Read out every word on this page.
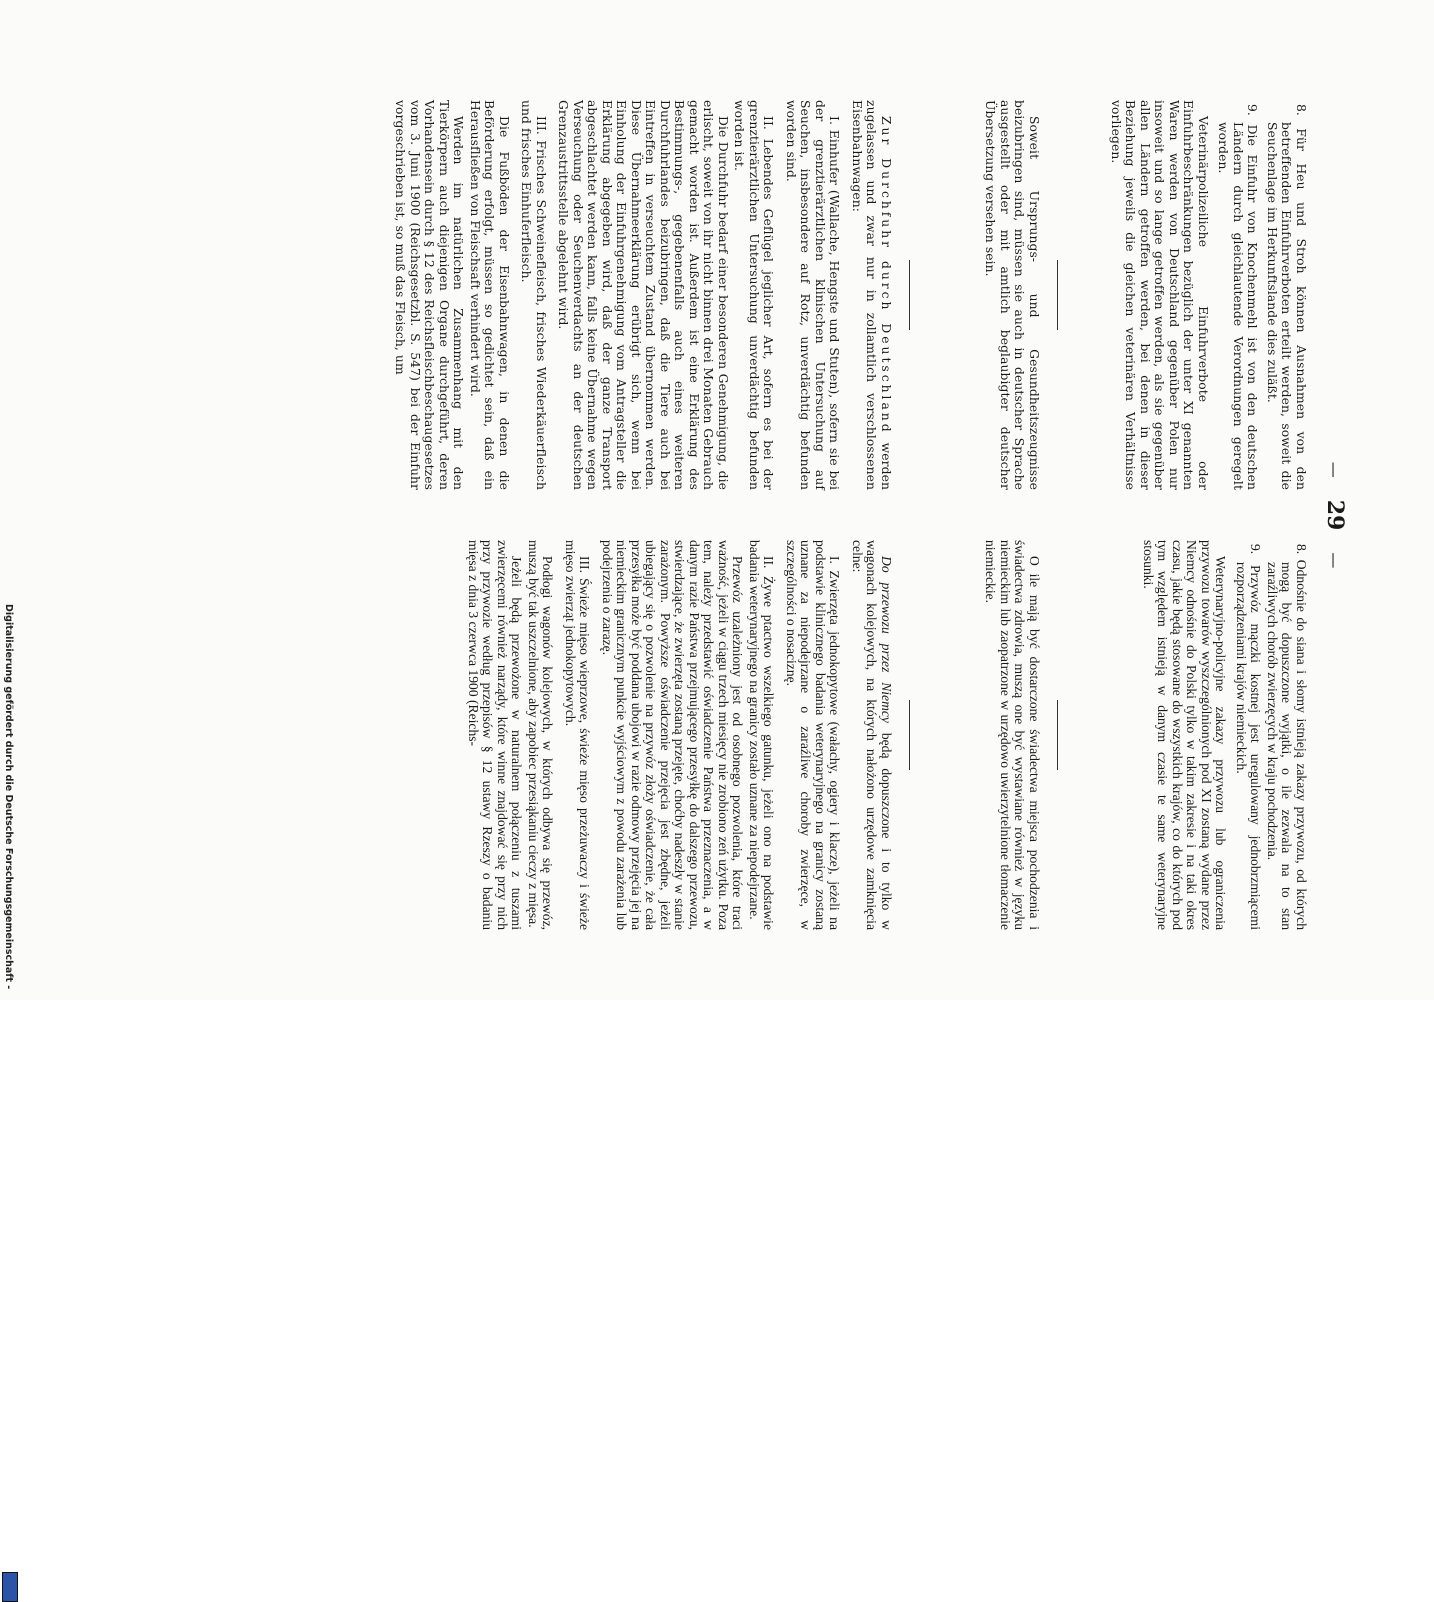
—
29
—

8. Für Heu und Stroh können Ausnahmen von den betreffenden Einfuhrverboten erteilt werden, soweit die Seuchenlage im Herkunftslande dies zuläßt.

9. Die Einfuhr von Knochenmehl ist von den deutschen Ländern durch gleichlautende Verordnungen geregelt worden.

Veterinärpolizeiliche Einfuhrverbote oder Einfuhrbeschränkungen bezüglich der unter XI genannten Waren werden von Deutschland gegenüber Polen nur insoweit und so lange getroffen werden, als sie gegenüber allen Ländern getroffen werden, bei denen in dieser Beziehung jeweils die gleichen veterinären Verhältnisse vorliegen.

8. Odnośnie do siana i słomy istnieją zakazy przywozu, od których mogą być dopuszczone wyjątki, o ile zezwala na to stan zaraźliwych chorób zwierzęcych w kraju pochodzenia.

9. Przywóz mączki kostnej jest uregulowany jednobrzmiącemi rozporządzeniami krajów niemieckich.

Weterynaryjno-policyjne zakazy przywozu lub ograniczenia przywozu towarów wyszczególnionych pod XI zostaną wydane przez Niemcy odnośnie do Polski tylko w takim zakresie i na taki okres czasu, jakie będą stosowane do wszystkich krajów, co do których pod tym względem istnieją w danym czasie te same weterynaryjne stosunki.

Soweit Ursprungs- und Gesundheitszeugnisse beizubringen sind, müssen sie auch in deutscher Sprache ausgestellt oder mit amtlich beglaubigter deutscher Übersetzung versehen sein.

O ile mają być dostarczone świadectwa miejsca pochodzenia i świadectwa zdrowia, muszą one być wystawiane również w języku niemieckim lub zaopatrzone w urzędowo uwierzytelnione tłomaczenie niemieckie.

Zur Durchfuhr durch Deutschland werden zugelassen und zwar nur in zollamtlich verschlossenen Eisenbahnwagen:

I. Einhufer (Wallache, Hengste und Stuten), sofern sie bei der grenztierärztlichen klinischen Untersuchung auf Seuchen, insbesondere auf Rotz, unverdächtig befunden worden sind.

II. Lebendes Geflügel jeglicher Art, sofern es bei der grenztierärztlichen Untersuchung unverdächtig befunden worden ist.

Die Durchfuhr bedarf einer besonderen Genehmigung, die erlischt, soweit von ihr nicht binnen drei Monaten Gebrauch gemacht worden ist. Außerdem ist eine Erklärung des Bestimmungs-, gegebenenfalls auch eines weiteren Durchfuhrlandes beizubringen, daß die Tiere auch bei Eintreffen in verseuchtem Zustand übernommen werden. Diese Übernahmeerklärung erübrigt sich, wenn bei Einholung der Einfuhrgenehmigung vom Antragsteller die Erklärung abgegeben wird, daß der ganze Transport abgeschlachtet werden kann, falls keine Übernahme wegen Verseuchung oder Seuchenverdachts an der deutschen Grenzaustrittsstelle abgelehnt wird.

III. Frisches Schweinefleisch, frisches Wiederkäuerfleisch und frisches Einhuferfleisch.

Die Fußböden der Eisenbahnwagen, in denen die Beförderung erfolgt, müssen so gedichtet sein, daß ein Herausfließen von Fleischsaft verhindert wird.

Werden im natürlichen Zusammenhang mit den Tierkörpern auch diejenigen Organe durchgeführt, deren Vorhandensein durch § 12 des Reichsfleischbeschaugesetzes vom 3. Juni 1900 (Reichsgesetzbl. S. 547) bei der Einfuhr vorgeschrieben ist, so muß das Fleisch, um

Do przewozu przez Niemcy będą dopuszczone i to tylko w wagonach kolejowych, na których nałożono urzędowe zamknięcia celne:

I. Zwierzęta jednokopytowe (wałachy, ogiery i klacze), jeżeli na podstawie klinicznego badania weterynaryjnego na granicy zostaną uznane za niepodejrzane o zaraźliwe choroby zwierzęce, w szczególności o nosaciznę.

II. Żywe ptactwo wszelkiego gatunku, jeżeli ono na podstawie badania weterynaryjnego na granicy zostało uznane za niepodejrzane.

Przewóz uzależniony jest od osobnego pozwolenia, które traci ważność, jeżeli w ciągu trzech miesięcy nie zrobiono zeń użytku. Poza tem, należy przedstawić oświadczenie Państwa przeznaczenia, a w danym razie Państwa przejmującego przesyłkę do dalszego przewozu, stwierdzające, że zwierzęta zostaną przejęte, choćby nadeszły w stanie zarażonym. Powyższe oświadczenie przejęcia jest zbędne, jeżeli ubiegający się o pozwolenie na przywóz złoży oświadczenie, że cała przesyłka może być poddana ubojowi w razie odmowy przejęcia jej na niemieckim granicznym punkcie wyjściowym z powodu zarażenia lub podejrzenia o zarazę.

III. Świeże mięso wieprzowe, świeże mięso przeżuwaczy i świeże mięso zwierząt jednokopytowych.

Podłogi wagonów kolejowych, w których odbywa się przewóz, muszą być tak uszczelnione, aby zapobiec przesiąkaniu cieczy z mięsa.

Jeżeli będą przewożone w naturalnem połączeniu z tuszami zwierzęcemi również narządy, które winne znajdować się przy nich przy przywozie według przepisów § 12 ustawy Rzeszy o badaniu mięsa z dnia 3 czerwca 1900 (Reichs-

Digitalisierung gefördert durch die Deutsche Forschungsgemeinschaft -
